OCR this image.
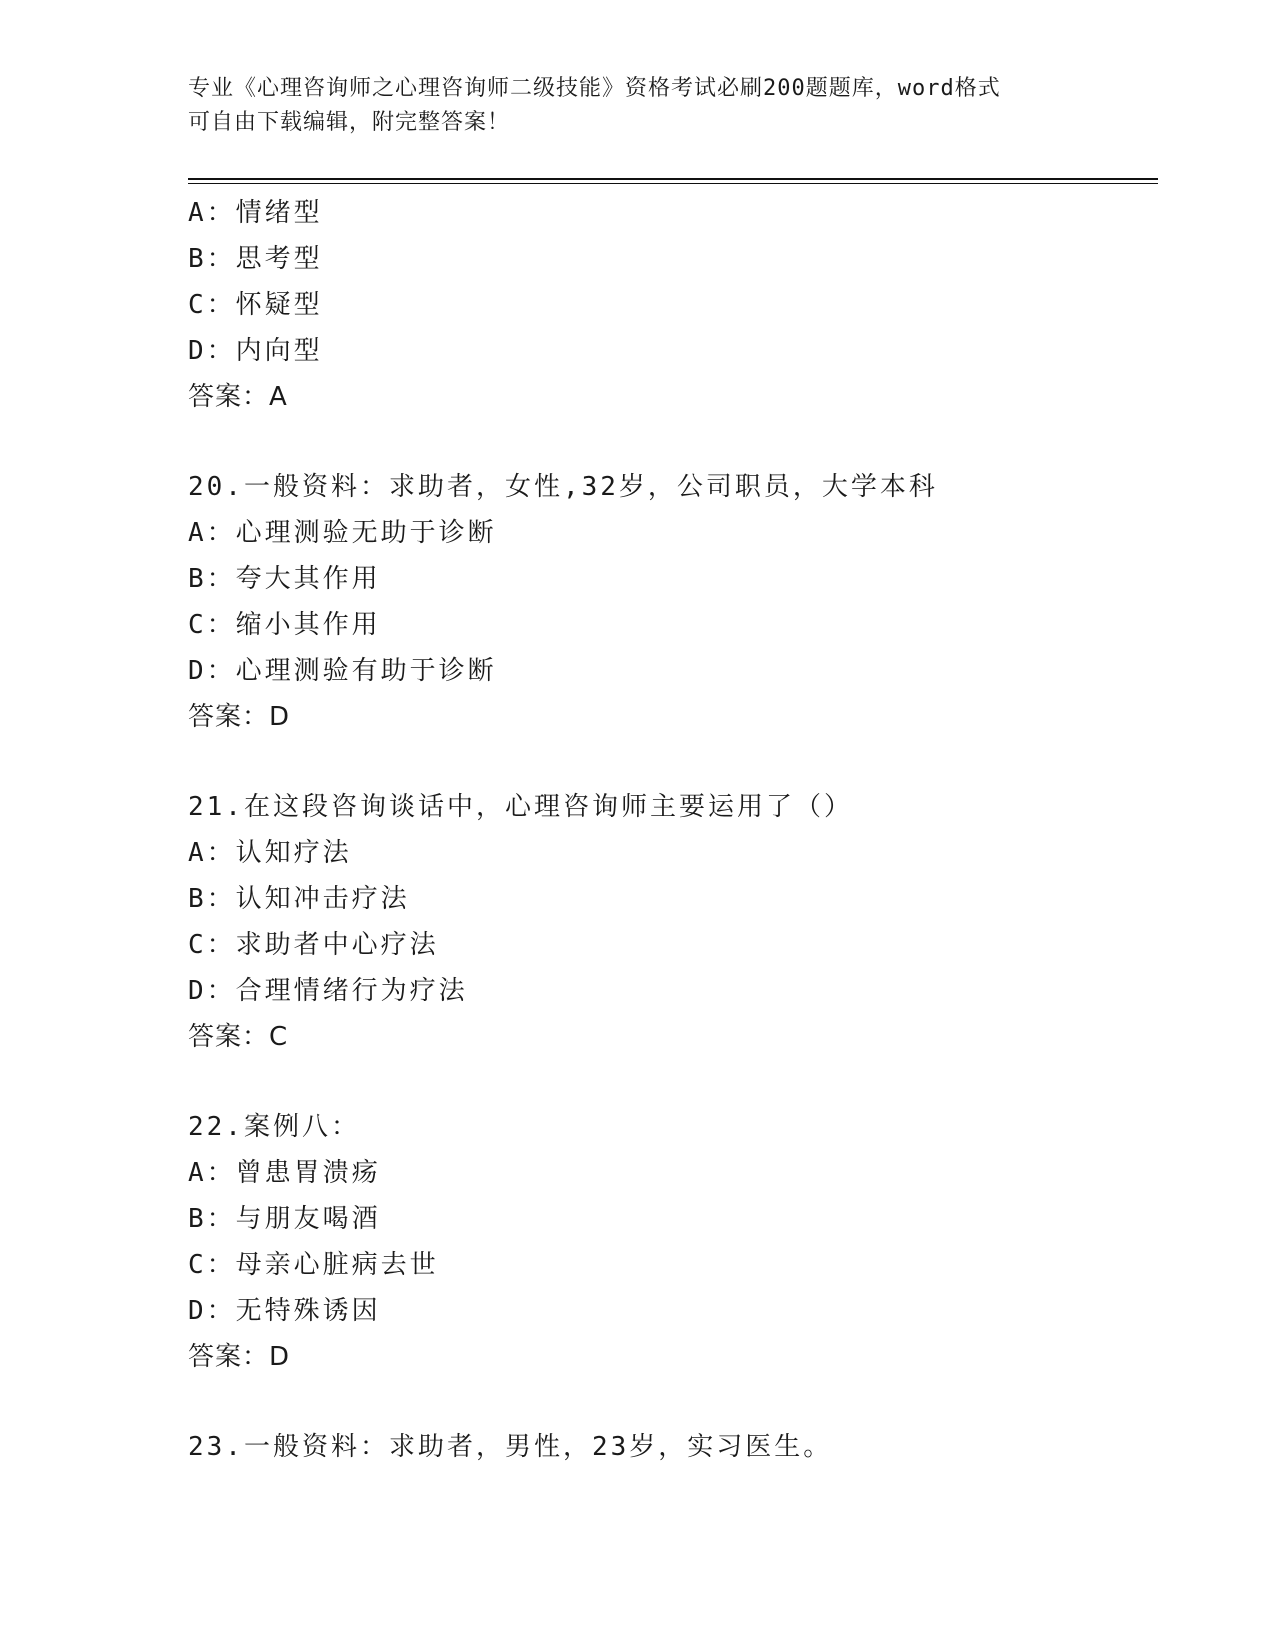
专业《心理咨询师之心理咨询师二级技能》资格考试必刷200题题库，word格式
可自由下载编辑，附完整答案！
A：情绪型
B：思考型
C：怀疑型
D：内向型
答案：A
20.一般资料：求助者，女性,32岁，公司职员，大学本科
A：心理测验无助于诊断
B：夸大其作用
C：缩小其作用
D：心理测验有助于诊断
答案：D
21.在这段咨询谈话中，心理咨询师主要运用了（）
A：认知疗法
B：认知冲击疗法
C：求助者中心疗法
D：合理情绪行为疗法
答案：C
22.案例八：
A：曾患胃溃疡
B：与朋友喝酒
C：母亲心脏病去世
D：无特殊诱因
答案：D
23.一般资料：求助者，男性，23岁，实习医生。
